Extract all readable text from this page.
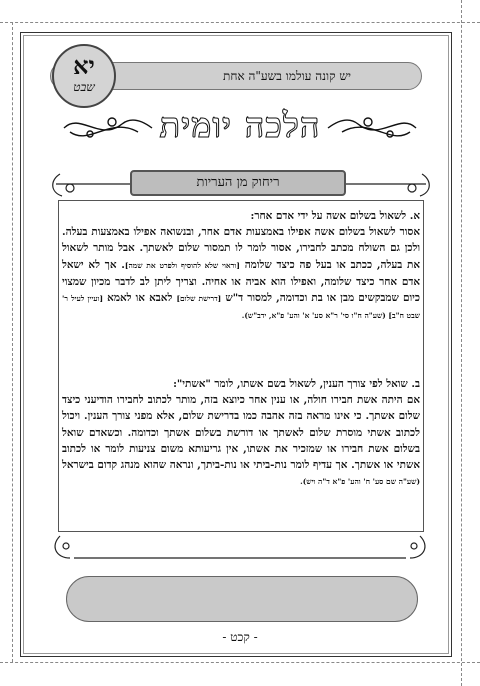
יש קונה עולמו בשע"ה אחת
יא
שבט
הלכה יומית
ריחוק מן העריות
א. לשאול בשלום אשה על ידי אדם אחר:
אסור לשאול בשלום אשה אפילו באמצעות אדם אחר, ובנשואה אפילו באמצעות בעלה. ולכן גם השולח מכתב לחבירו, אסור לומר לו תמסור שלום לאשתך. אבל מותר לשאול את בעלה, ככתב או בעל פה כיצד שלומה [וראוי שלא להוסיף ולפרט את שמה]. אך לא ישאל אדם אחר כיצד שלומה, ואפילו הוא אביה או אחיה. וצריך ליתן לב לדבר מכיון שמצוי כיום שמבקשים מבן או בת וכדומה, למסור ד"ש [דרישת שלום] לאבא או לאמא [ועיין לעיל ר' שבט ח"ב] (שע"ה ח"ו סי' ר"א סע' א' והע' פ"א, ידב"ש).
ב. שואל לפי צורך הענין, לשאול בשם אשתו, לומר "אשתי":
אם היתה אשת חבירו חולה, או ענין אחר כיוצא בזה, מותר לכתוב לחבירו הודיעני כיצד שלום אשתך. כי אינו מראה בזה אהבה כמו בדרישת שלום, אלא מפני צורך הענין. ויכול לכתוב אשתי מוסרת שלום לאשתך או דורשת בשלום אשתך וכדומה. וכשאדם שואל בשלום אשת חבירו או שמזכיר את אשתו, אין גריעותא משום צניעות לומר או לכתוב אשתי או אשתך. אך עדיף לומר נות-ביתי או נות-ביתך, ונראה שהוא מנהג קדום בישראל (שע"ה שם סע' ח' והע' פ"א ד"ה ויש).
- קכט -
